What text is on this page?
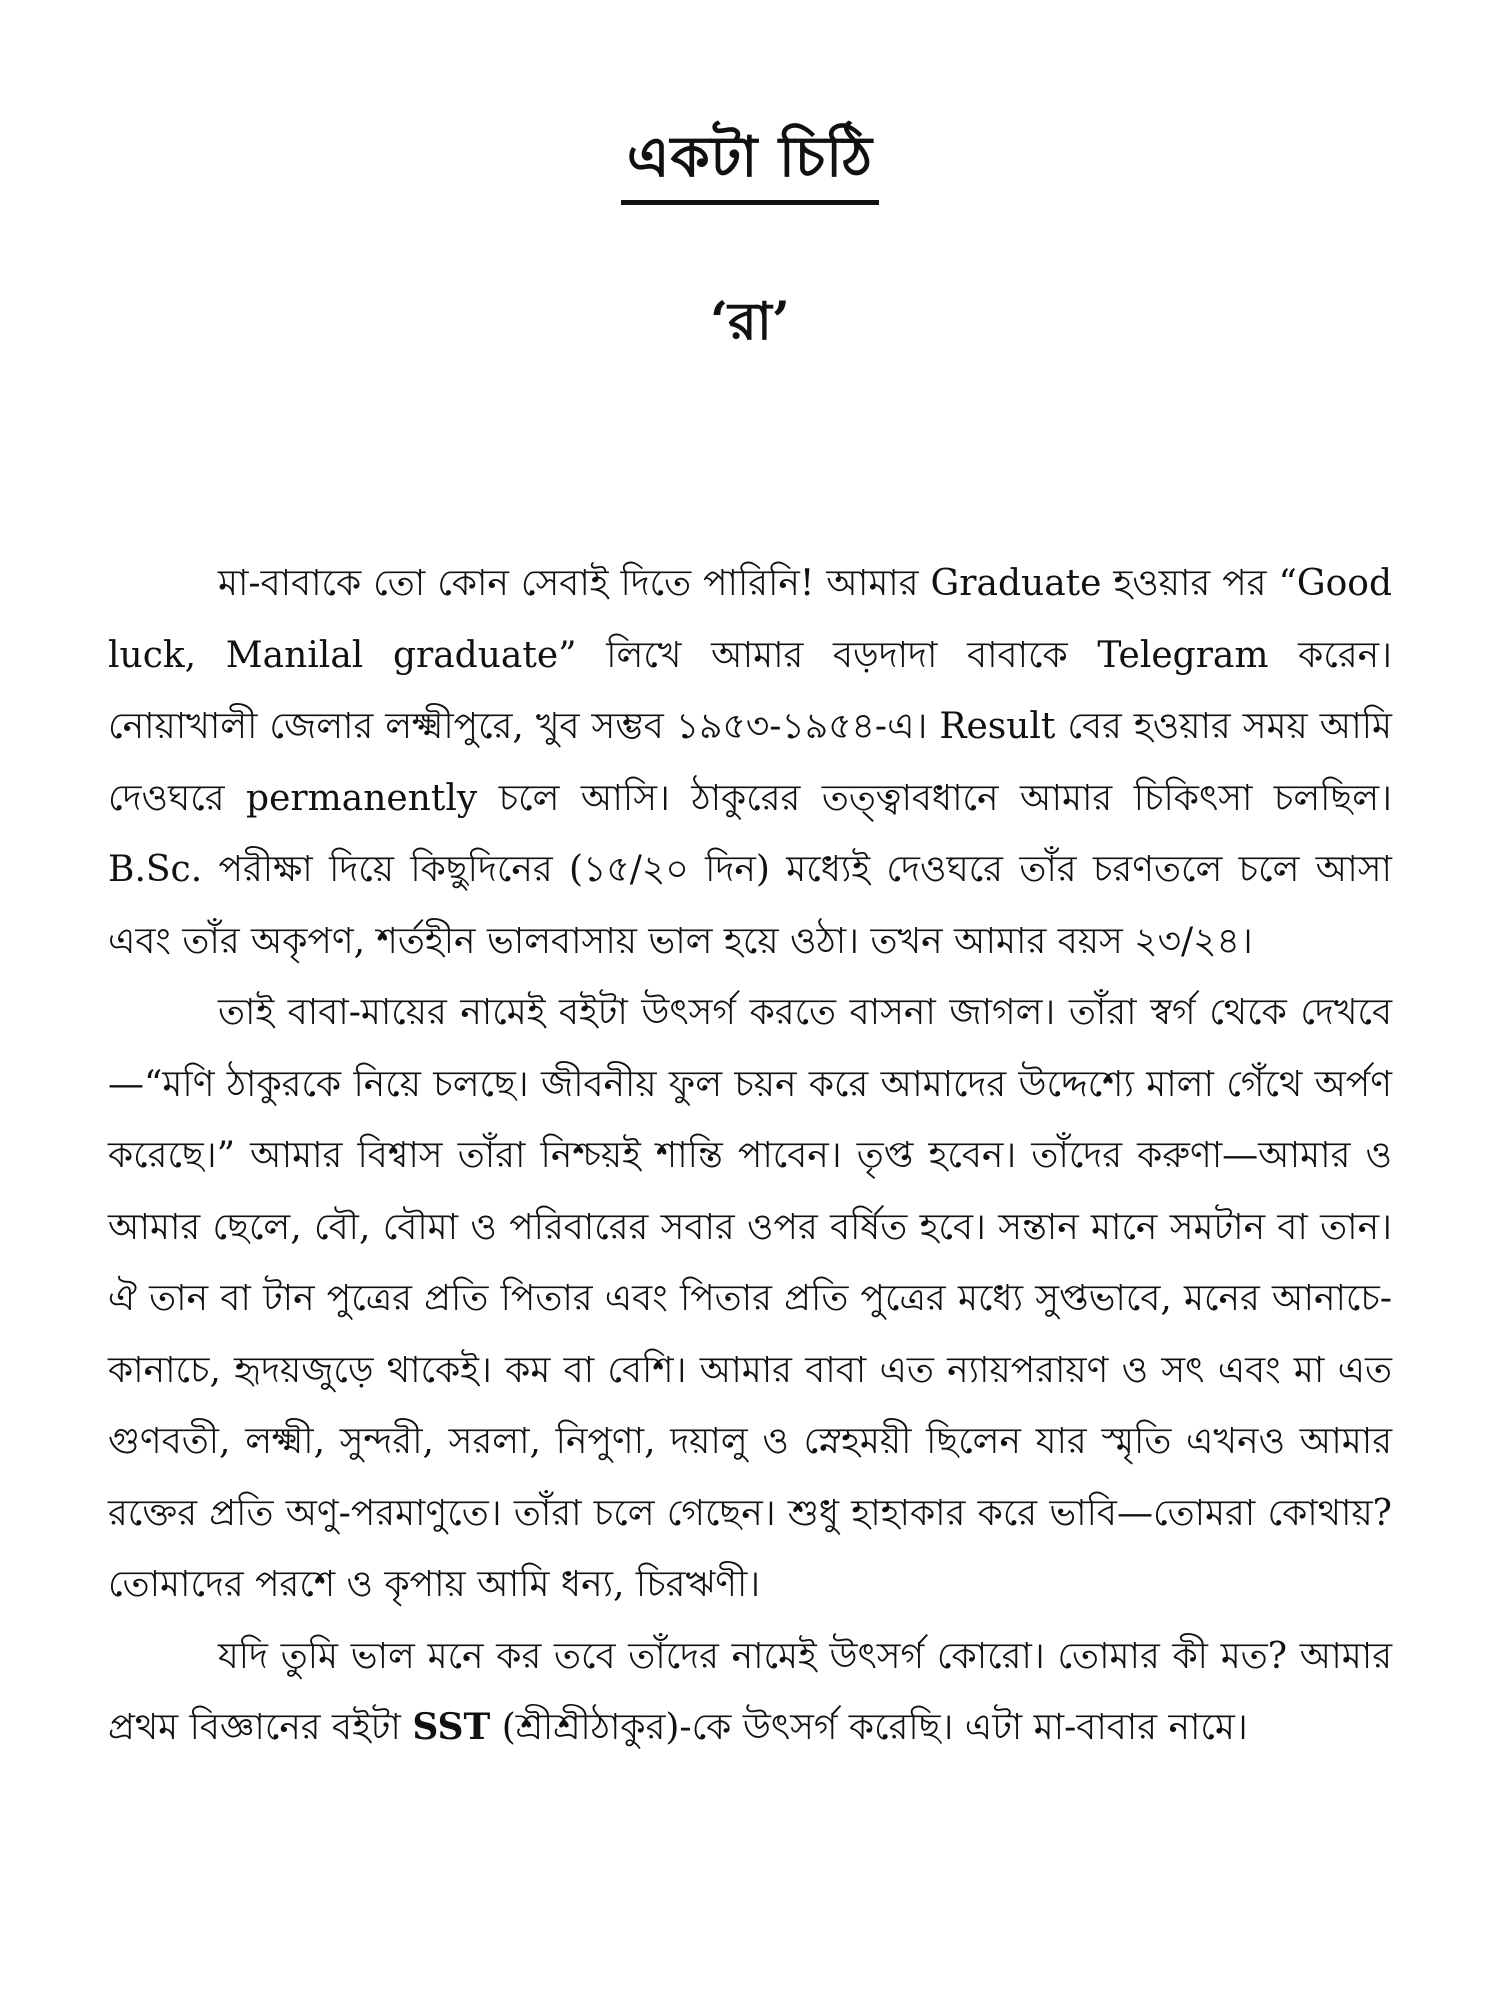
একটা চিঠি
‘রা’

মা-বাবাকে তো কোন সেবাই দিতে পারিনি! আমার Graduate হওয়ার পর “Good luck, Manilal graduate” লিখে আমার বড়দাদা বাবাকে Telegram করেন। নোয়াখালী জেলার লক্ষ্মীপুরে, খুব সম্ভব ১৯৫৩-১৯৫৪-এ। Result বের হওয়ার সময় আমি দেওঘরে permanently চলে আসি। ঠাকুরের তত্ত্বাবধানে আমার চিকিৎসা চলছিল। B.Sc. পরীক্ষা দিয়ে কিছুদিনের (১৫/২০ দিন) মধ্যেই দেওঘরে তাঁর চরণতলে চলে আসা এবং তাঁর অকৃপণ, শর্তহীন ভালবাসায় ভাল হয়ে ওঠা। তখন আমার বয়স ২৩/২৪।

তাই বাবা-মায়ের নামেই বইটা উৎসর্গ করতে বাসনা জাগল। তাঁরা স্বর্গ থেকে দেখবে—“মণি ঠাকুরকে নিয়ে চলছে। জীবনীয় ফুল চয়ন করে আমাদের উদ্দেশ্যে মালা গেঁথে অর্পণ করেছে।” আমার বিশ্বাস তাঁরা নিশ্চয়ই শান্তি পাবেন। তৃপ্ত হবেন। তাঁদের করুণা—আমার ও আমার ছেলে, বৌ, বৌমা ও পরিবারের সবার ওপর বর্ষিত হবে। সন্তান মানে সমটান বা তান। ঐ তান বা টান পুত্রের প্রতি পিতার এবং পিতার প্রতি পুত্রের মধ্যে সুপ্তভাবে, মনের আনাচে-কানাচে, হৃদয়জুড়ে থাকেই। কম বা বেশি। আমার বাবা এত ন্যায়পরায়ণ ও সৎ এবং মা এত গুণবতী, লক্ষ্মী, সুন্দরী, সরলা, নিপুণা, দয়ালু ও স্নেহময়ী ছিলেন যার স্মৃতি এখনও আমার রক্তের প্রতি অণু-পরমাণুতে। তাঁরা চলে গেছেন। শুধু হাহাকার করে ভাবি—তোমরা কোথায়? তোমাদের পরশে ও কৃপায় আমি ধন্য, চিরঋণী।

যদি তুমি ভাল মনে কর তবে তাঁদের নামেই উৎসর্গ কোরো। তোমার কী মত? আমার প্রথম বিজ্ঞানের বইটা SST (শ্রীশ্রীঠাকুর)-কে উৎসর্গ করেছি। এটা মা-বাবার নামে।
